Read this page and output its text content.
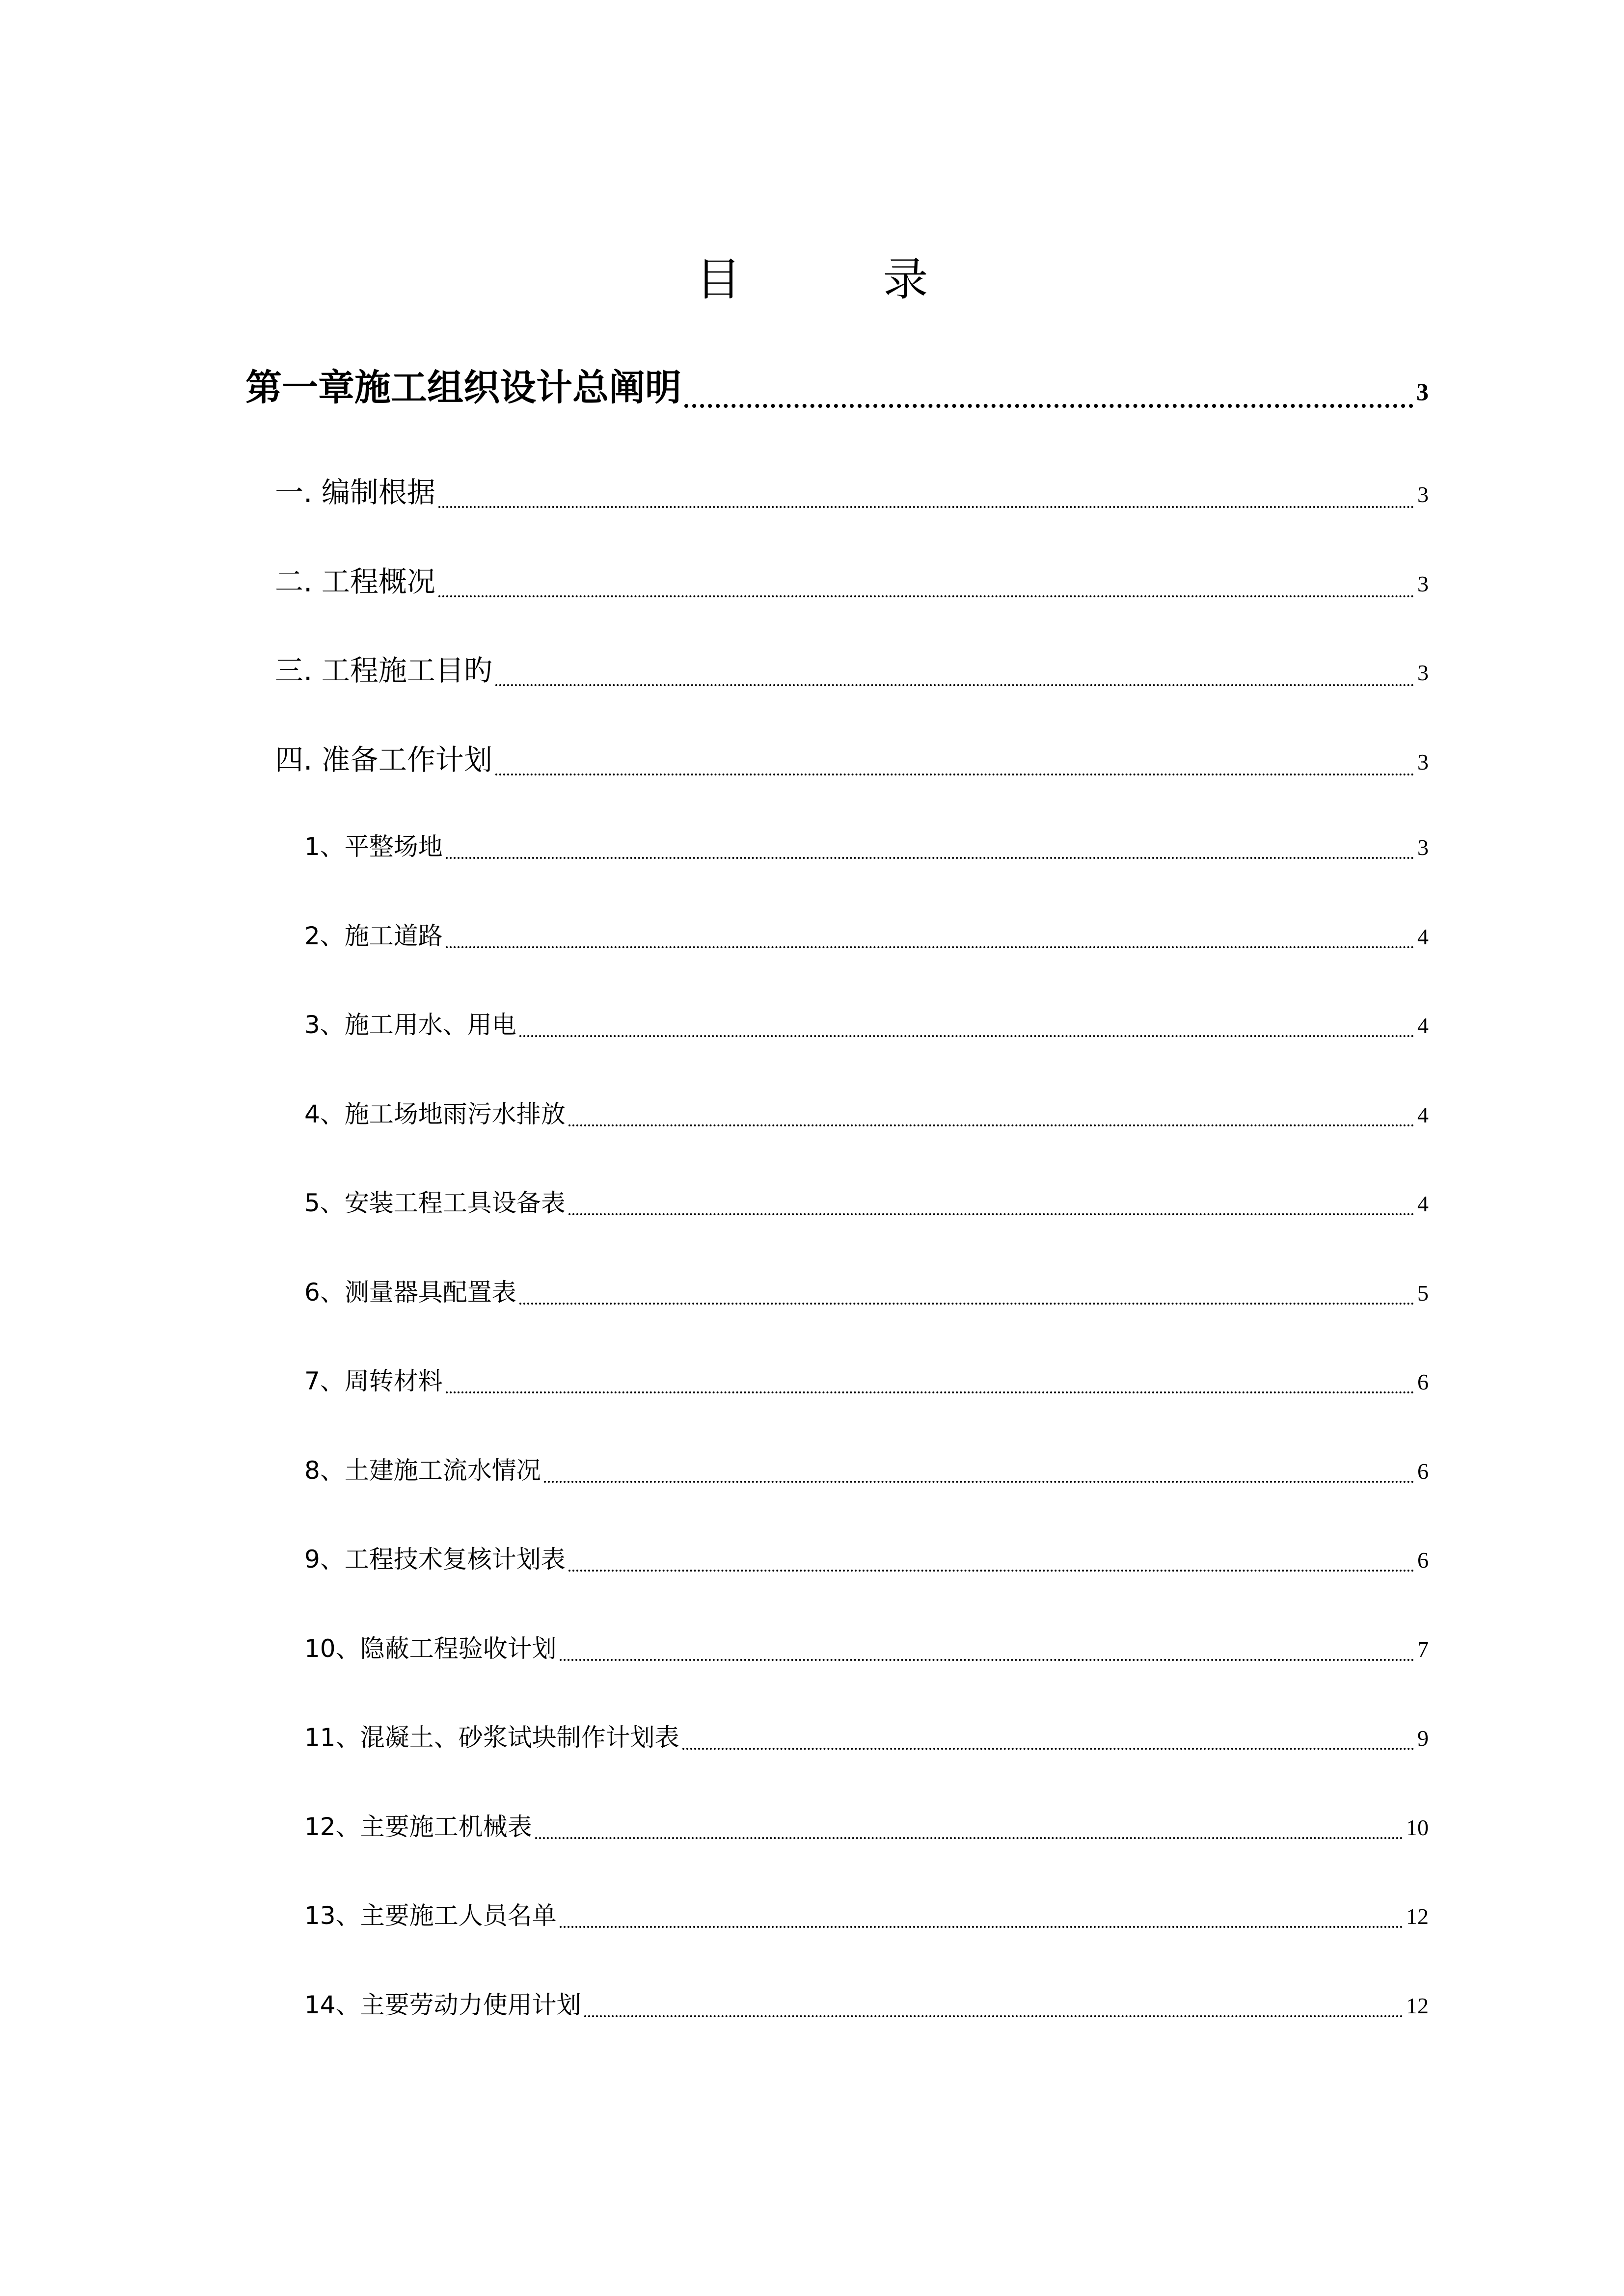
目 录
第一章施工组织设计总阐明	3
一. 编制根据	3
二. 工程概况	3
三. 工程施工目旳	3
四. 准备工作计划	3
1、平整场地	3
2、施工道路	4
3、施工用水、用电	4
4、施工场地雨污水排放	4
5、安装工程工具设备表	4
6、测量器具配置表	5
7、周转材料	6
8、土建施工流水情况	6
9、工程技术复核计划表	6
10、隐蔽工程验收计划	7
11、混凝土、砂浆试块制作计划表	9
12、主要施工机械表	10
13、主要施工人员名单	12
14、主要劳动力使用计划	12
